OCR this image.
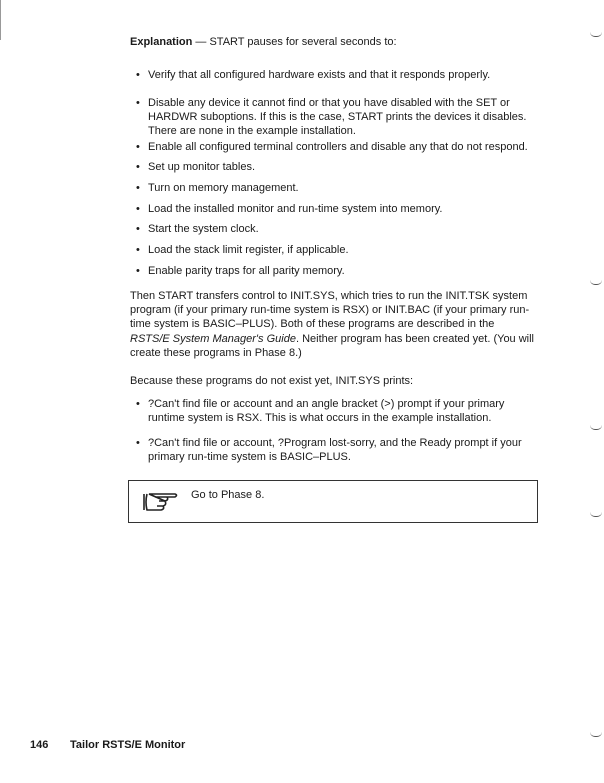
Explanation — START pauses for several seconds to:
• Verify that all configured hardware exists and that it responds properly.
• Disable any device it cannot find or that you have disabled with the SET or HARDWR suboptions. If this is the case, START prints the devices it disables. There are none in the example installation.
• Enable all configured terminal controllers and disable any that do not respond.
• Set up monitor tables.
• Turn on memory management.
• Load the installed monitor and run-time system into memory.
• Start the system clock.
• Load the stack limit register, if applicable.
• Enable parity traps for all parity memory.
Then START transfers control to INIT.SYS, which tries to run the INIT.TSK system program (if your primary run-time system is RSX) or INIT.BAC (if your primary run-time system is BASIC–PLUS). Both of these programs are described in the RSTS/E System Manager's Guide. Neither program has been created yet. (You will create these programs in Phase 8.)
Because these programs do not exist yet, INIT.SYS prints:
• ?Can't find file or account and an angle bracket (>) prompt if your primary runtime system is RSX. This is what occurs in the example installation.
• ?Can't find file or account, ?Program lost-sorry, and the Ready prompt if your primary run-time system is BASIC–PLUS.
Go to Phase 8.
146 Tailor RSTS/E Monitor
